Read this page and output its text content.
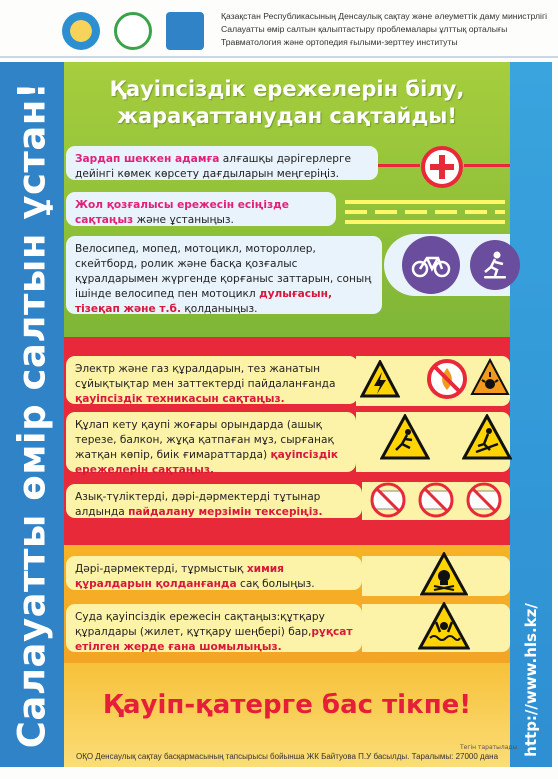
Қазақстан Республикасының Денсаулық сақтау және әлеуметтік даму министрлігі
Салауатты өмір салтын қалыптастыру проблемалары ұлттық орталығы
Травматология және ортопедия ғылыми-зерттеу институты
Салауатты өмір салтын ұстан!	http://www.hls.kz/
Қауіпсіздік ережелерін білу,
жарақаттанудан сақтайды!
Зардап шеккен адамға алғашқы дәрігерлерге дейінгі көмек көрсету дағдыларын меңгеріңіз.
Жол қозғалысы ережесін есіңізде сақтаңыз және ұстаныңыз.
Велосипед, мопед, мотоцикл, мотороллер, скейтборд, ролик және басқа қозғалыс құралдарымен жүргенде қорғаныс заттарын, соның ішінде велосипед пен мотоцикл дулығасын, тізеқап және т.б. қолданыңыз.
Электр және газ құралдарын, тез жанатын сұйықтықтар мен заттектерді пайдаланғанда қауіпсіздік техникасын сақтаңыз.
Құлап кету қаупі жоғары орындарда (ашық терезе, балкон, жұқа қатпаған мұз, сырғанақ жатқан көпір, биік ғимараттарда) қауіпсіздік ережелерін сақтаңыз.
Азық-түліктерді, дәрі-дәрмектерді тұтынар алдында пайдалану мерзімін тексеріңіз.
Дәрі-дәрмектерді, тұрмыстық химия құралдарын қолданғанда сақ болыңыз.
Суда қауіпсіздік ережесін сақтаңыз:құтқару құралдары (жилет, құтқару шеңбері) бар,рұқсат етілген жерде ғана шомылыңыз.
Қауіп-қатерге бас тікпе!
Тегін таратылады
ОҚО Денсаулық сақтау басқармасының тапсырысы бойынша ЖК Байтуова П.У басылды. Таралымы: 27000 дана
